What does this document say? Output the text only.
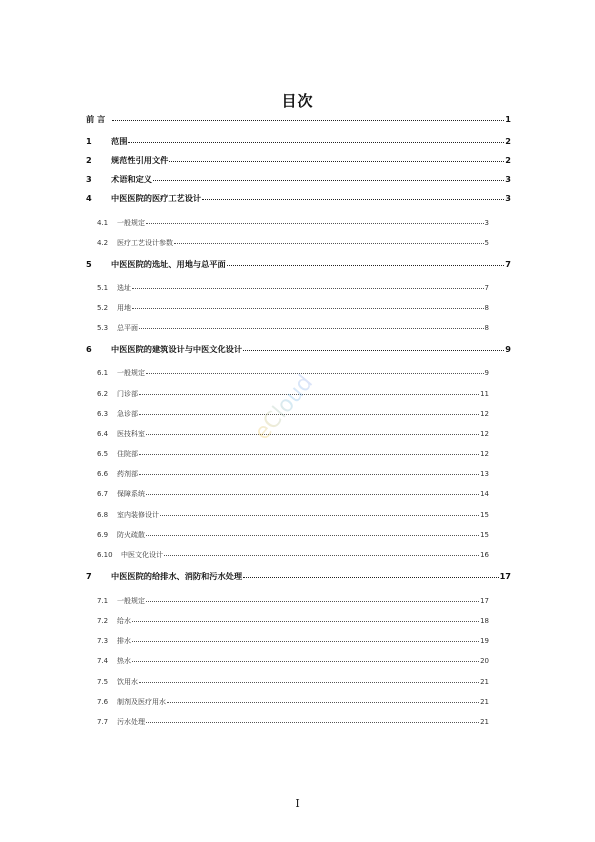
目次
前 言	1
1	范围	2
2	规范性引用文件	2
3	术语和定义	3
4	中医医院的医疗工艺设计	3
4.1	一般规定	3
4.2	医疗工艺设计参数	5
5	中医医院的选址、用地与总平面	7
5.1	选址	7
5.2	用地	8
5.3	总平面	8
6	中医医院的建筑设计与中医文化设计	9
6.1	一般规定	9
6.2	门诊部	11
6.3	急诊部	12
6.4	医技科室	12
6.5	住院部	12
6.6	药剂部	13
6.7	保障系统	14
6.8	室内装修设计	15
6.9	防火疏散	15
6.10	中医文化设计	16
7	中医医院的给排水、消防和污水处理	17
7.1	一般规定	17
7.2	给水	18
7.3	排水	19
7.4	热水	20
7.5	饮用水	21
7.6	制剂及医疗用水	21
7.7	污水处理	21
eCloud
I
